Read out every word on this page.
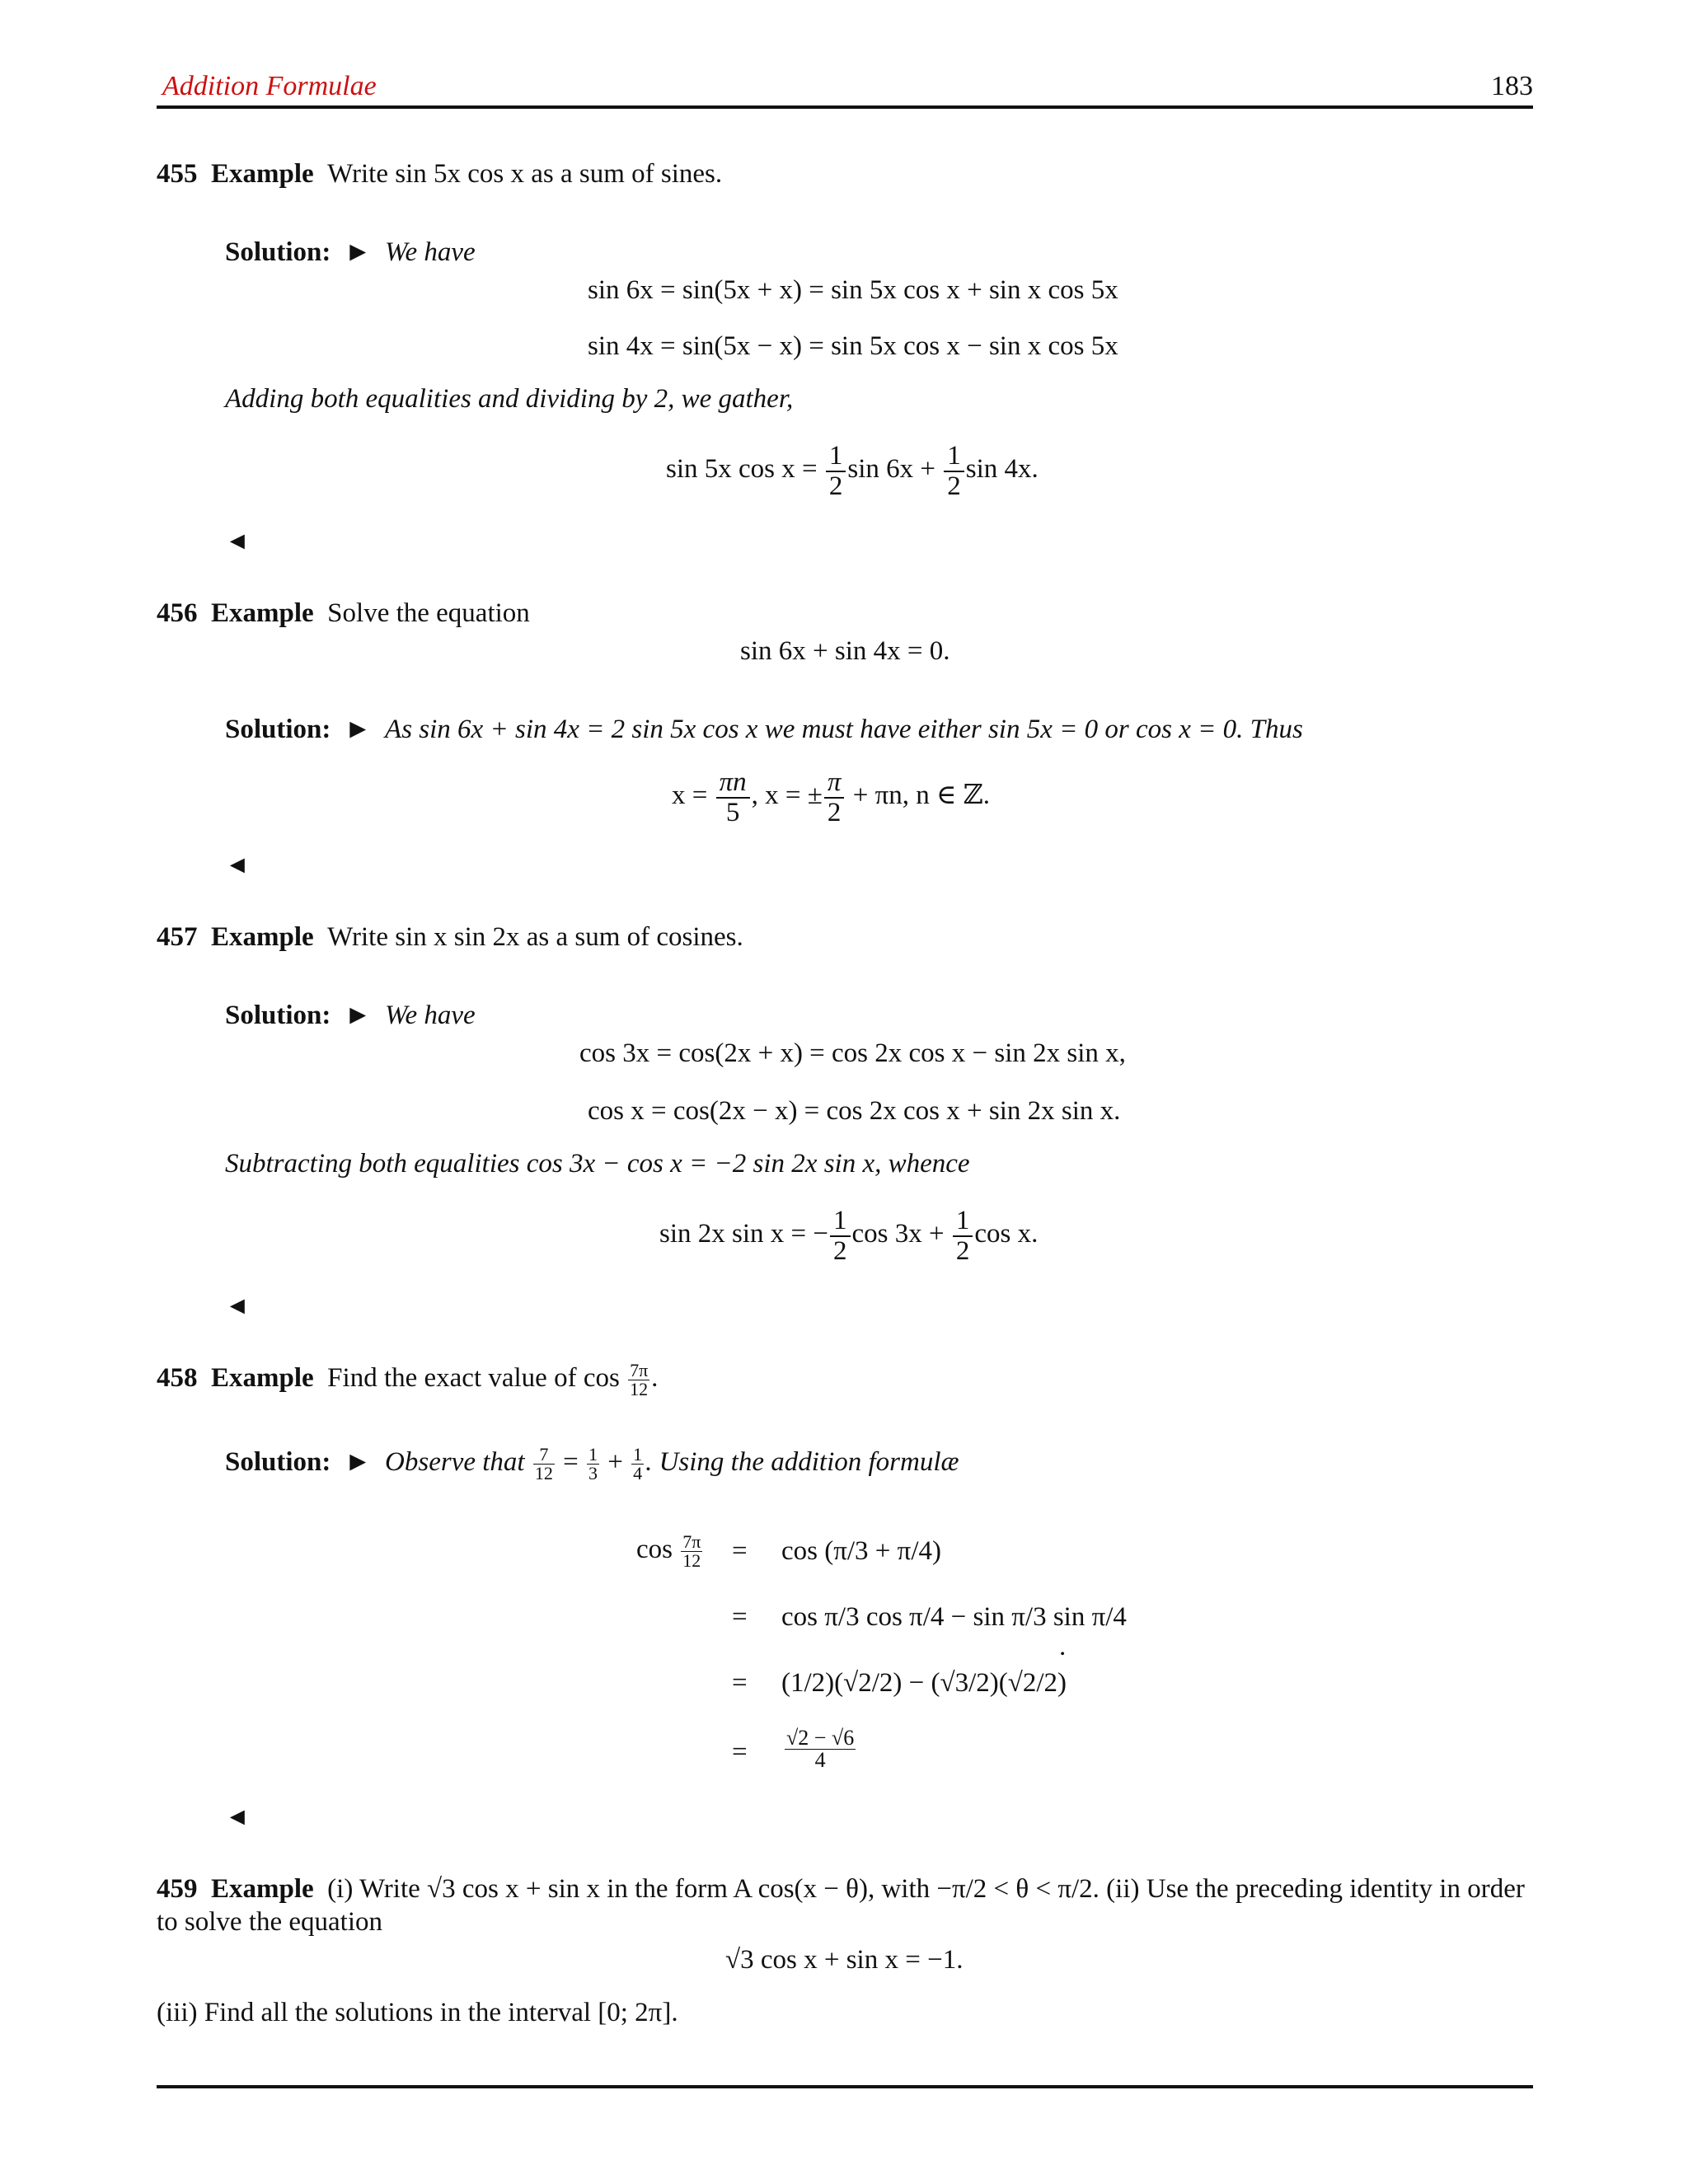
Addition Formulae	183
455 Example Write sin 5x cos x as a sum of sines.
Solution: ► We have
sin 6x = sin(5x + x) = sin 5x cos x + sin x cos 5x
sin 4x = sin(5x − x) = sin 5x cos x − sin x cos 5x
Adding both equalities and dividing by 2, we gather,
sin 5x $\cos x = \frac{1}{2}$ $\sin 6x + \frac{1}{2}$ sin 4x.
◄
456 Example Solve the equation
sin 6x + sin 4x = 0.
Solution: ► As sin 6x + sin 4x = 2 sin 5x cos x we must have either sin 5x = 0 or cos x = 0. Thus
$x = \frac{\pi n}{5}$ , x = ± $\frac{\pi}{2} + \pi n$, n ∈ ℤ.
◄
457 Example Write sin x sin 2x as a sum of cosines.
Solution: ► We have
cos 3x = cos(2x + x) = cos 2x cos x − sin 2x sin x,
cos x = cos(2x − x) = cos 2x cos x + sin 2x sin x.
Subtracting both equalities cos 3x − cos x = −2 sin 2x sin x, whence
sin 2x sin x = − $\frac{1}{2}$ $\cos 3x + \frac{1}{2}$ cos x.
◄
458 Example Find the exact value of $\cos \frac{7\pi}{12}$ .
Solution: ► Observe that $\frac{7}{12} = \frac{1}{3} + \frac{1}{4}$ . Using the addition formulæ
$\cos \frac{7\pi}{12} = \cos (\pi/3 + \pi/4)$
= cos π/3 cos π/4 − sin π/3 sin π/4
.
= (1/2)(√2/2) − (√3/2)(√2/2)
= $\frac{√2 - √6}{4}$
◄
459 Example (i) Write √3 cos x + sin x in the form A cos(x − θ), with −π/2 < θ < π/2. (ii) Use the preceding identity in order
to solve the equation
√3 cos x + sin x = −1.
(iii) Find all the solutions in the interval [0; 2π].
